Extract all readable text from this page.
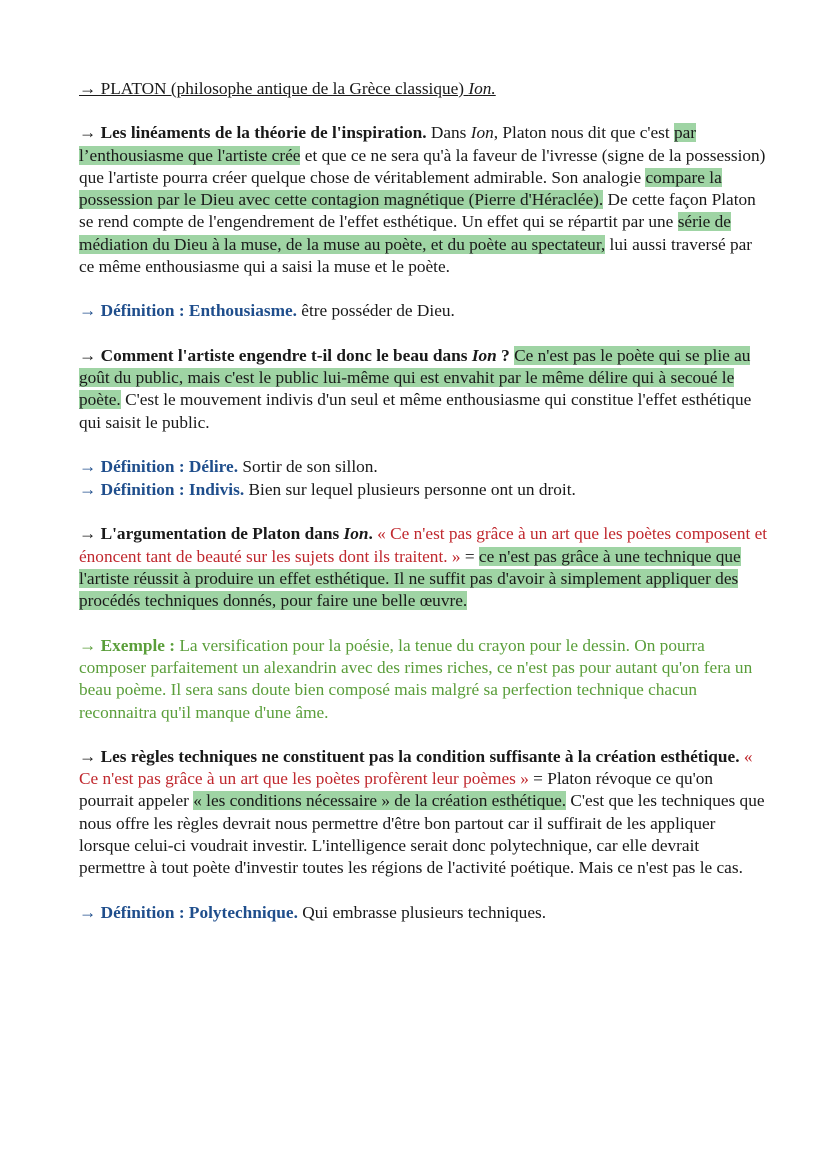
→ PLATON (philosophe antique de la Grèce classique) Ion.

→ Les linéaments de la théorie de l'inspiration. Dans Ion, Platon nous dit que c'est par l’enthousiasme que l'artiste crée et que ce ne sera qu'à la faveur de l'ivresse (signe de la possession) que l'artiste pourra créer quelque chose de véritablement admirable. Son analogie compare la possession par le Dieu avec cette contagion magnétique (Pierre d'Héraclée). De cette façon Platon se rend compte de l'engendrement de l'effet esthétique. Un effet qui se répartit par une série de médiation du Dieu à la muse, de la muse au poète, et du poète au spectateur, lui aussi traversé par ce même enthousiasme qui a saisi la muse et le poète.

→ Définition : Enthousiasme. être posséder de Dieu.

→ Comment l'artiste engendre t-il donc le beau dans Ion ? Ce n'est pas le poète qui se plie au goût du public, mais c'est le public lui-même qui est envahit par le même délire qui à secoué le poète. C'est le mouvement indivis d'un seul et même enthousiasme qui constitue l'effet esthétique qui saisit le public.

→ Définition : Délire. Sortir de son sillon.

→ Définition : Indivis. Bien sur lequel plusieurs personne ont un droit.

→ L'argumentation de Platon dans Ion. « Ce n'est pas grâce à un art que les poètes composent et énoncent tant de beauté sur les sujets dont ils traitent. » = ce n'est pas grâce à une technique que l'artiste réussit à produire un effet esthétique. Il ne suffit pas d'avoir à simplement appliquer des procédés techniques donnés, pour faire une belle œuvre.

→ Exemple : La versification pour la poésie, la tenue du crayon pour le dessin. On pourra composer parfaitement un alexandrin avec des rimes riches, ce n'est pas pour autant qu'on fera un beau poème. Il sera sans doute bien composé mais malgré sa perfection technique chacun reconnaitra qu'il manque d'une âme.

→ Les règles techniques ne constituent pas la condition suffisante à la création esthétique. « Ce n'est pas grâce à un art que les poètes profèrent leur poèmes » = Platon révoque ce qu'on pourrait appeler « les conditions nécessaire » de la création esthétique. C'est que les techniques que nous offre les règles devrait nous permettre d'être bon partout car il suffirait de les appliquer lorsque celui-ci voudrait investir. L'intelligence serait donc polytechnique, car elle devrait permettre à tout poète d'investir toutes les régions de l'activité poétique. Mais ce n'est pas le cas.

→ Définition : Polytechnique. Qui embrasse plusieurs techniques.
